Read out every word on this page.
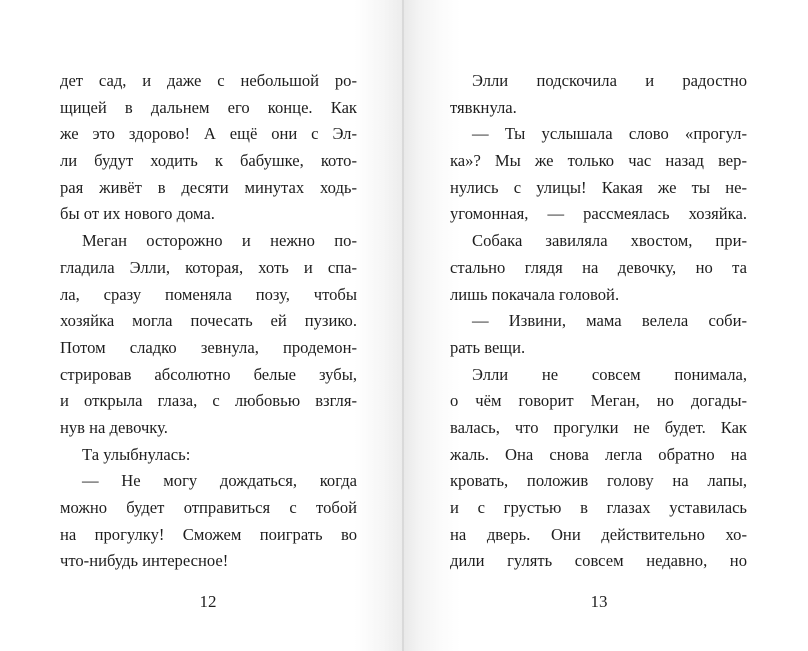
дет сад, и даже с небольшой ро-
щицей в дальнем его конце. Как
же это здорово! А ещё они с Эл-
ли будут ходить к бабушке, кото-
рая живёт в десяти минутах ходь-
бы от их нового дома.
Меган осторожно и нежно по-
гладила Элли, которая, хоть и спа-
ла, сразу поменяла позу, чтобы
хозяйка могла почесать ей пузико.
Потом сладко зевнула, продемон-
стрировав абсолютно белые зубы,
и открыла глаза, с любовью взгля-
нув на девочку.
Та улыбнулась:
— Не могу дождаться, когда
можно будет отправиться с тобой
на прогулку! Сможем поиграть во
что-нибудь интересное!
12
Элли подскочила и радостно
тявкнула.
— Ты услышала слово «прогул-
ка»? Мы же только час назад вер-
нулись с улицы! Какая же ты не-
угомонная, — рассмеялась хозяйка.
Собака завиляла хвостом, при-
стально глядя на девочку, но та
лишь покачала головой.
— Извини, мама велела соби-
рать вещи.
Элли не совсем понимала,
о чём говорит Меган, но догады-
валась, что прогулки не будет. Как
жаль. Она снова легла обратно на
кровать, положив голову на лапы,
и с грустью в глазах уставилась
на дверь. Они действительно хо-
дили гулять совсем недавно, но
13
